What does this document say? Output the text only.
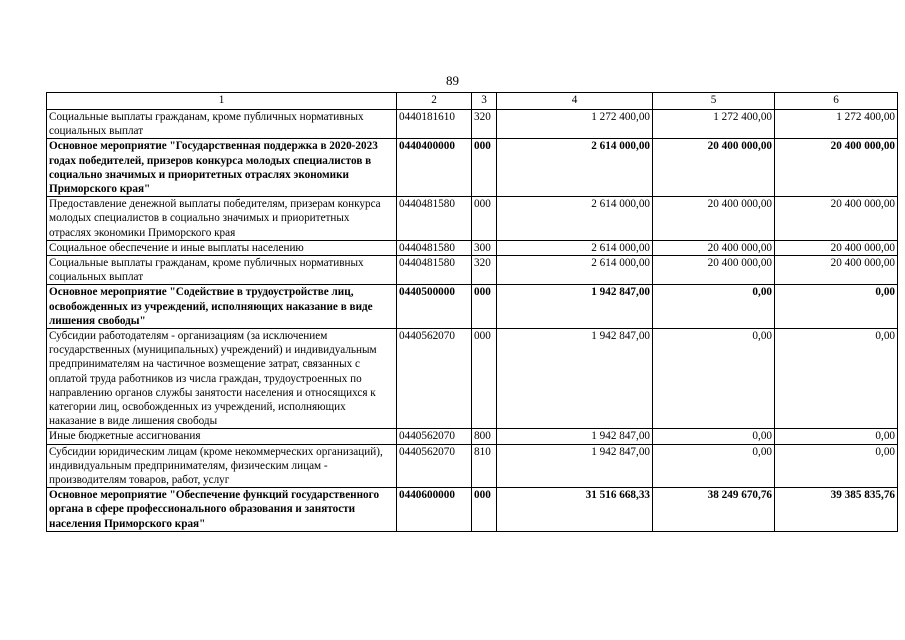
89
1	2	3	4	5	6
Социальные выплаты гражданам, кроме публичных нормативных социальных выплат	0440181610	320	1 272 400,00	1 272 400,00	1 272 400,00
Основное мероприятие "Государственная поддержка в 2020-2023 годах победителей, призеров конкурса молодых специалистов в социально значимых и приоритетных отраслях экономики Приморского края"	0440400000	000	2 614 000,00	20 400 000,00	20 400 000,00
Предоставление денежной выплаты победителям, призерам конкурса молодых специалистов в социально значимых и приоритетных отраслях экономики Приморского края	0440481580	000	2 614 000,00	20 400 000,00	20 400 000,00
Социальное обеспечение и иные выплаты населению	0440481580	300	2 614 000,00	20 400 000,00	20 400 000,00
Социальные выплаты гражданам, кроме публичных нормативных социальных выплат	0440481580	320	2 614 000,00	20 400 000,00	20 400 000,00
Основное мероприятие "Содействие в трудоустройстве лиц, освобожденных из учреждений, исполняющих наказание в виде лишения свободы"	0440500000	000	1 942 847,00	0,00	0,00
Субсидии работодателям - организациям (за исключением государственных (муниципальных) учреждений) и индивидуальным предпринимателям на частичное возмещение затрат, связанных с оплатой труда работников из числа граждан, трудоустроенных по направлению органов службы занятости населения и относящихся к категории лиц, освобожденных из учреждений, исполняющих наказание в виде лишения свободы	0440562070	000	1 942 847,00	0,00	0,00
Иные бюджетные ассигнования	0440562070	800	1 942 847,00	0,00	0,00
Субсидии юридическим лицам (кроме некоммерческих организаций), индивидуальным предпринимателям, физическим лицам - производителям товаров, работ, услуг	0440562070	810	1 942 847,00	0,00	0,00
Основное мероприятие "Обеспечение функций государственного органа в сфере профессионального образования и занятости населения Приморского края"	0440600000	000	31 516 668,33	38 249 670,76	39 385 835,76
